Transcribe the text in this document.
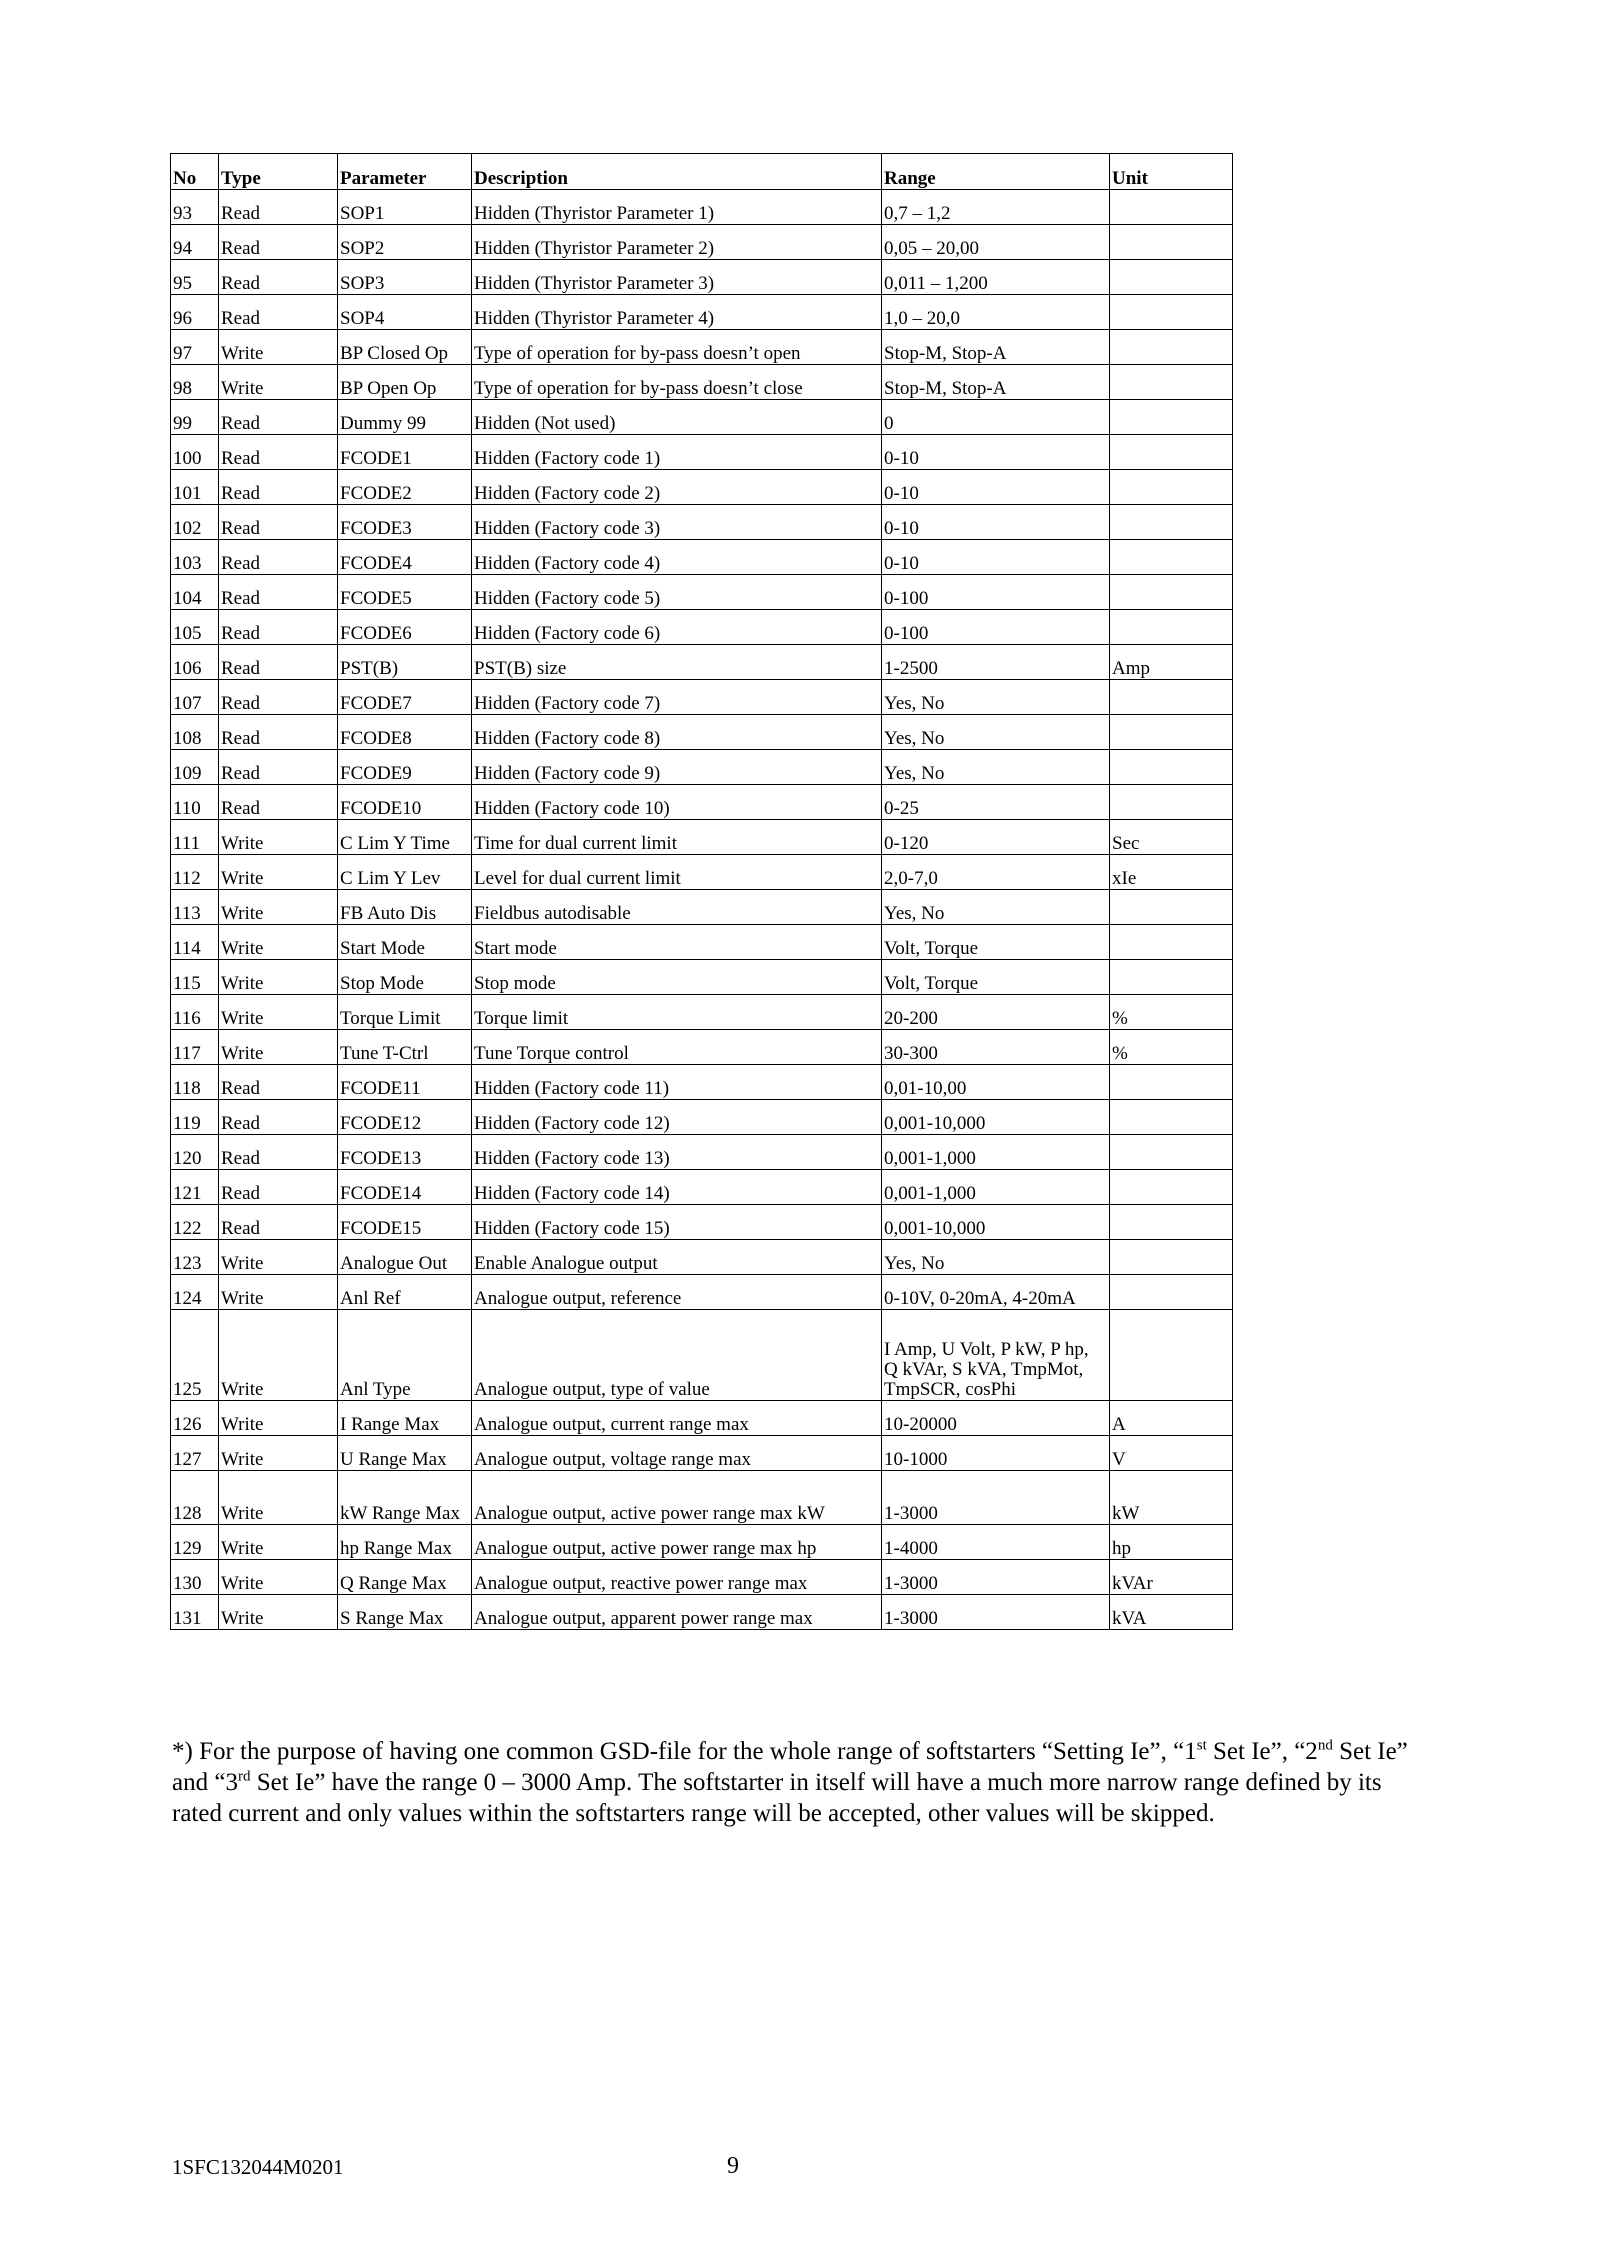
No	Type	Parameter	Description	Range	Unit
93	Read	SOP1	Hidden (Thyristor Parameter 1)	0,7 – 1,2	
94	Read	SOP2	Hidden (Thyristor Parameter 2)	0,05 – 20,00	
95	Read	SOP3	Hidden (Thyristor Parameter 3)	0,011 – 1,200	
96	Read	SOP4	Hidden (Thyristor Parameter 4)	1,0 – 20,0	
97	Write	BP Closed Op	Type of operation for by-pass doesn’t open	Stop-M, Stop-A	
98	Write	BP Open Op	Type of operation for by-pass doesn’t close	Stop-M, Stop-A	
99	Read	Dummy 99	Hidden (Not used)	0	
100	Read	FCODE1	Hidden (Factory code 1)	0-10	
101	Read	FCODE2	Hidden (Factory code 2)	0-10	
102	Read	FCODE3	Hidden (Factory code 3)	0-10	
103	Read	FCODE4	Hidden (Factory code 4)	0-10	
104	Read	FCODE5	Hidden (Factory code 5)	0-100	
105	Read	FCODE6	Hidden (Factory code 6)	0-100	
106	Read	PST(B)	PST(B) size	1-2500	Amp
107	Read	FCODE7	Hidden (Factory code 7)	Yes, No	
108	Read	FCODE8	Hidden (Factory code 8)	Yes, No	
109	Read	FCODE9	Hidden (Factory code 9)	Yes, No	
110	Read	FCODE10	Hidden (Factory code 10)	0-25	
111	Write	C Lim Y Time	Time for dual current limit	0-120	Sec
112	Write	C Lim Y Lev	Level for dual current limit	2,0-7,0	xIe
113	Write	FB Auto Dis	Fieldbus autodisable	Yes, No	
114	Write	Start Mode	Start mode	Volt, Torque	
115	Write	Stop Mode	Stop mode	Volt, Torque	
116	Write	Torque Limit	Torque limit	20-200	%
117	Write	Tune T-Ctrl	Tune Torque control	30-300	%
118	Read	FCODE11	Hidden (Factory code 11)	0,01-10,00	
119	Read	FCODE12	Hidden (Factory code 12)	0,001-10,000	
120	Read	FCODE13	Hidden (Factory code 13)	0,001-1,000	
121	Read	FCODE14	Hidden (Factory code 14)	0,001-1,000	
122	Read	FCODE15	Hidden (Factory code 15)	0,001-10,000	
123	Write	Analogue Out	Enable Analogue output	Yes, No	
124	Write	Anl Ref	Analogue output, reference	0-10V, 0-20mA, 4-20mA	
125	Write	Anl Type	Analogue output, type of value	I Amp, U Volt, P kW, P hp, Q kVAr, S kVA, TmpMot, TmpSCR, cosPhi	
126	Write	I Range Max	Analogue output, current range max	10-20000	A
127	Write	U Range Max	Analogue output, voltage range max	10-1000	V
128	Write	kW Range Max	Analogue output, active power range max kW	1-3000	kW
129	Write	hp Range Max	Analogue output, active power range max hp	1-4000	hp
130	Write	Q Range Max	Analogue output, reactive power range max	1-3000	kVAr
131	Write	S Range Max	Analogue output, apparent power range max	1-3000	kVA

*) For the purpose of having one common GSD-file for the whole range of softstarters “Setting Ie”, “1st Set Ie”, “2nd Set Ie” and “3rd Set Ie” have the range 0 – 3000 Amp. The softstarter in itself will have a much more narrow range defined by its rated current and only values within the softstarters range will be accepted, other values will be skipped.

1SFC132044M0201	9
